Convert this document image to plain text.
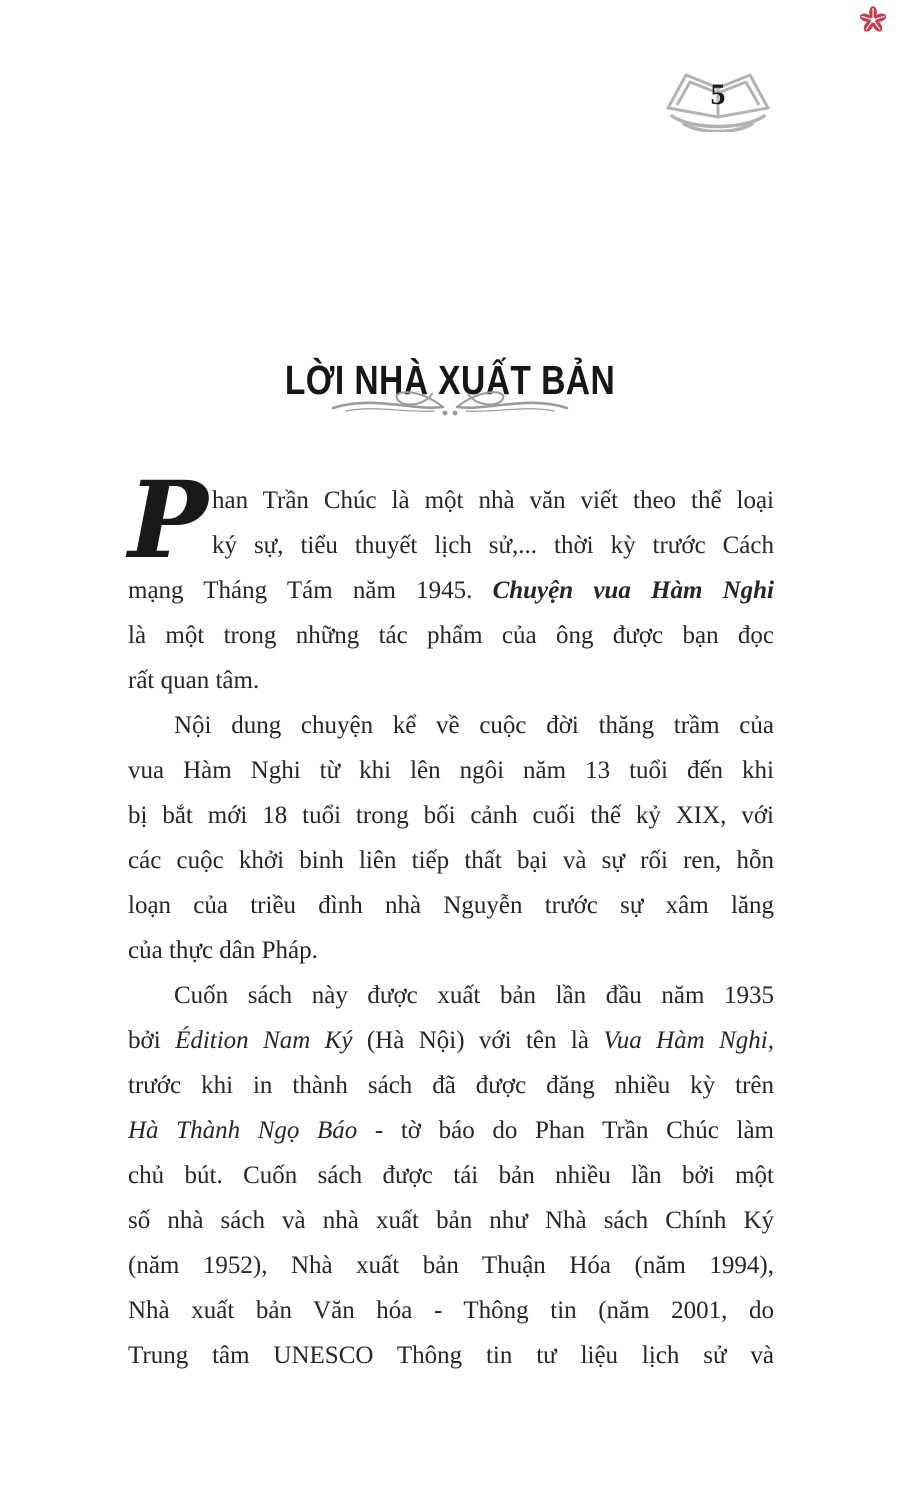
5
LỜI NHÀ XUẤT BẢN
P han Trần Chúc là một nhà văn viết theo thể loại
ký sự, tiểu thuyết lịch sử,... thời kỳ trước Cách
mạng Tháng Tám năm 1945. Chuyện vua Hàm Nghi
là một trong những tác phẩm của ông được bạn đọc
rất quan tâm.
Nội dung chuyện kể về cuộc đời thăng trầm của
vua Hàm Nghi từ khi lên ngôi năm 13 tuổi đến khi
bị bắt mới 18 tuổi trong bối cảnh cuối thế kỷ XIX, với
các cuộc khởi binh liên tiếp thất bại và sự rối ren, hỗn
loạn của triều đình nhà Nguyễn trước sự xâm lăng
của thực dân Pháp.
Cuốn sách này được xuất bản lần đầu năm 1935
bởi Édition Nam Ký (Hà Nội) với tên là Vua Hàm Nghi,
trước khi in thành sách đã được đăng nhiều kỳ trên
Hà Thành Ngọ Báo - tờ báo do Phan Trần Chúc làm
chủ bút. Cuốn sách được tái bản nhiều lần bởi một
số nhà sách và nhà xuất bản như Nhà sách Chính Ký
(năm 1952), Nhà xuất bản Thuận Hóa (năm 1994),
Nhà xuất bản Văn hóa - Thông tin (năm 2001, do
Trung tâm UNESCO Thông tin tư liệu lịch sử và
